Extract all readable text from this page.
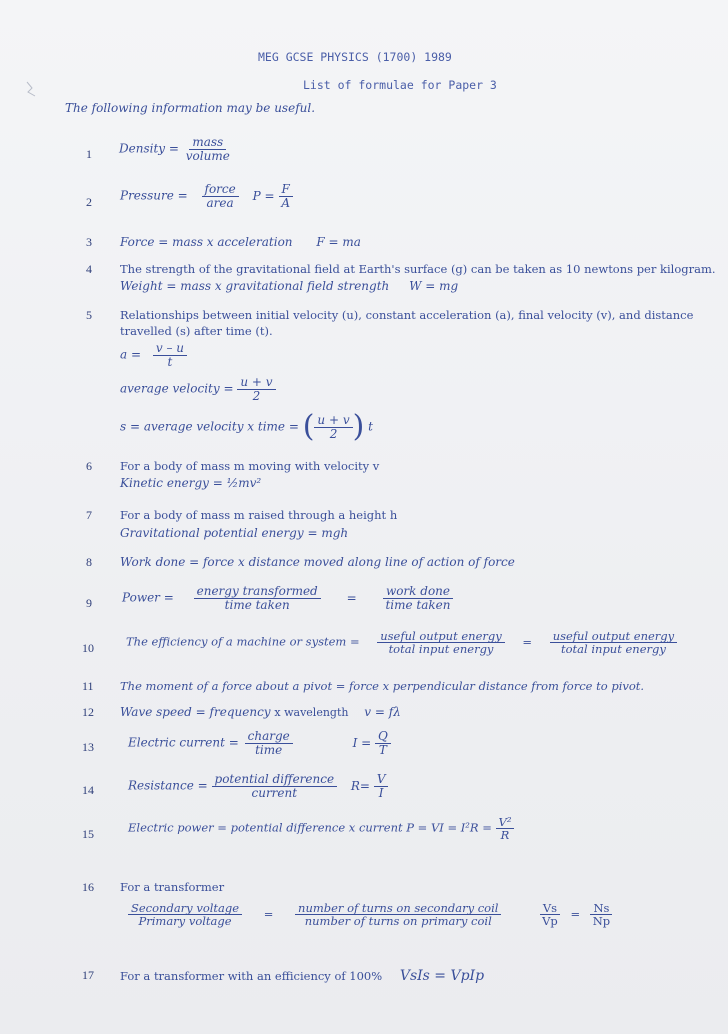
MEG GCSE PHYSICS (1700) 1989
List of formulae for Paper 3
The following information may be useful.
1 Density = $\frac{\text{mass}}{\text{volume}}$
2 Pressure = $\frac{\text{force}}{\text{area}}$ $P = \frac{F}{A}$
3 Force = mass x acceleration F = ma
4 The strength of the gravitational field at Earth's surface (g) can be taken as 10 newtons per kilogram.
Weight = mass x gravitational field strength W = mg
5 Relationships between initial velocity (u), constant acceleration (a), final velocity (v), and distance
travelled (s) after time (t).
$a = \frac{v - u}{t}$
average velocity = $\frac{u + v}{2}$
s = average velocity x time = ( $\frac{u + v}{2}$ ) t
6 For a body of mass m moving with velocity v
Kinetic energy = ½mv²
7 For a body of mass m raised through a height h
Gravitational potential energy = mgh
8 Work done = force x distance moved along line of action of force
9	Power = $\frac{\text{energy transformed}}{\text{time taken}} = \frac{\text{work done}}{\text{time taken}}$
10	The efficiency of a machine or system = $\frac{\text{useful output energy}}{\text{total input energy}} = \frac{\text{useful output energy}}{\text{total input energy}}$
11 The moment of a force about a pivot = force x perpendicular distance from force to pivot.
12 Wave speed = frequency x wavelength v = fλ
13	Electric current = $\frac{\text{charge}}{\text{time}}$	$I = \frac{Q}{T}$
14	Resistance = $\frac{\text{potential difference}}{\text{current}} R= \frac{V}{I}$
15	Electric power = potential difference x current P = VI = $I^2R = \frac{\text{V²}}{R}$
16 For a transformer
$\frac{\text{Secondary voltage}}{\text{Primary voltage}} = \frac{\text{number of turns on secondary coil}}{\text{number of turns on primary coil}}$
	$\frac{Vs}{Vp} = \frac{Ns}{Np}$
17 For a transformer with an efficiency of 100% VsIs = VpIp
